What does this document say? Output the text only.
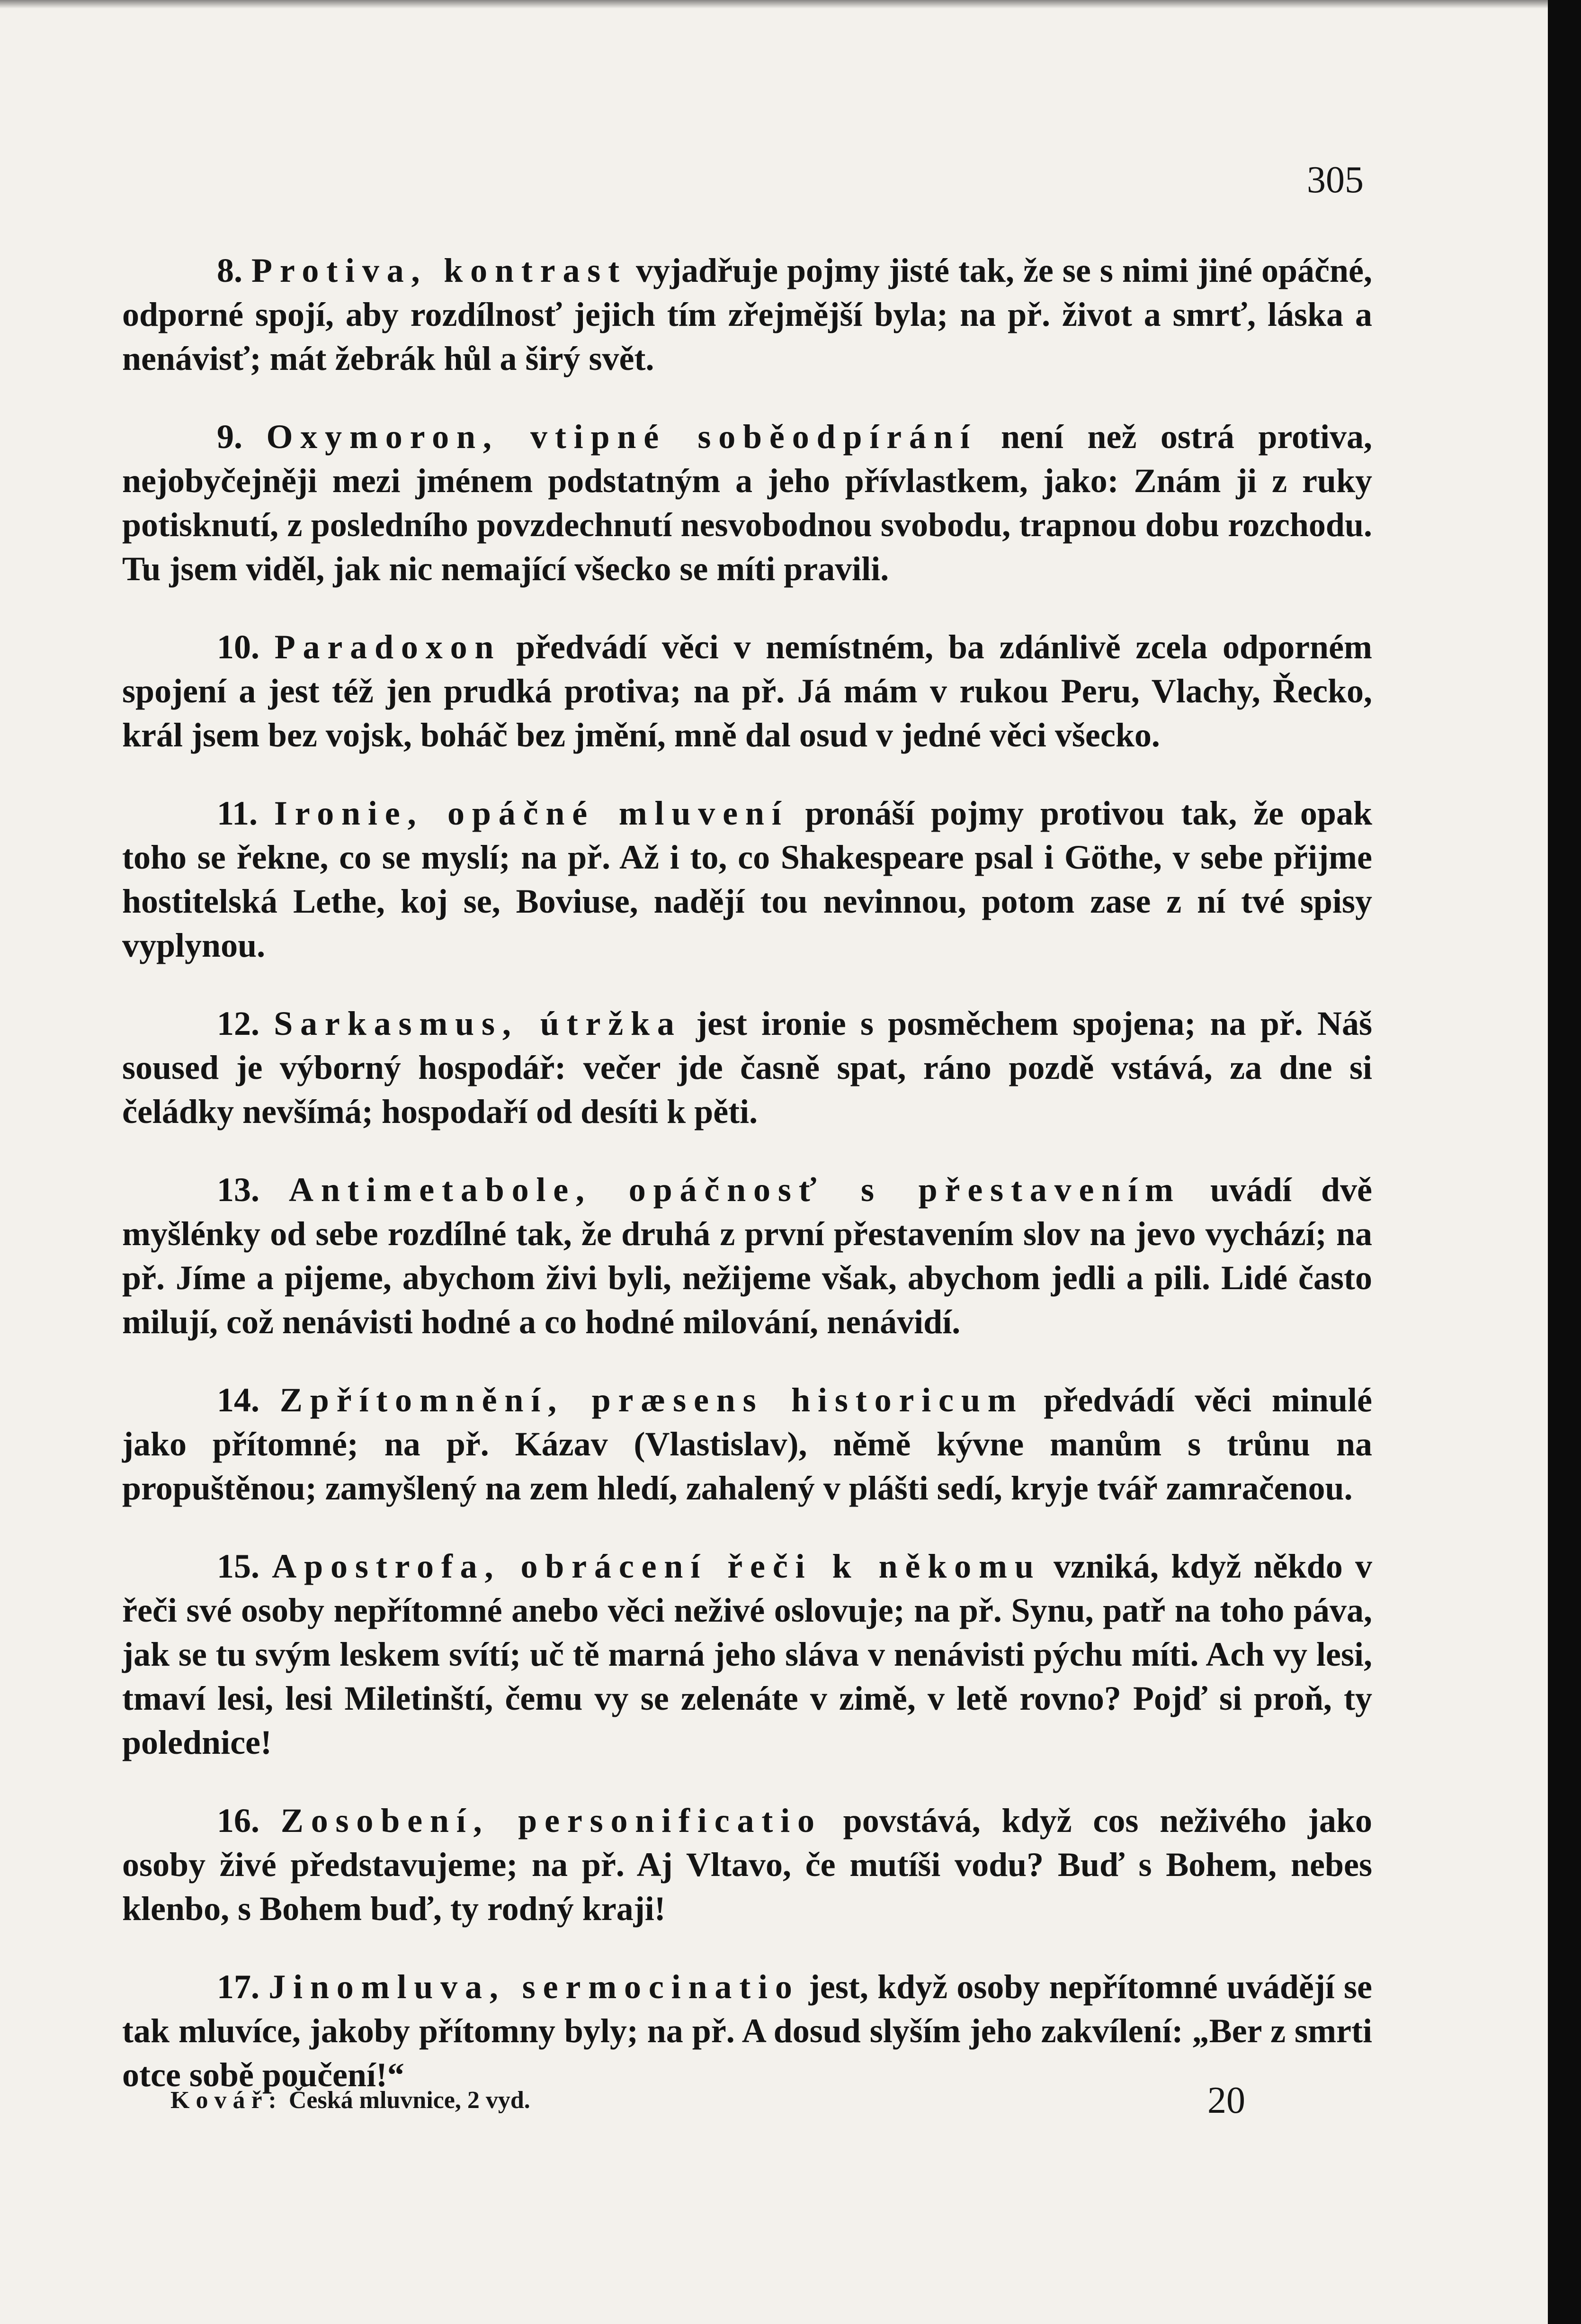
305

8. Protiva, kontrast vyjadřuje pojmy jisté tak, že se s nimi jiné opáčné, odporné spojí, aby rozdílnosť jejich tím zřejmější byla; na př. život a smrť, láska a nenávisť; mát žebrák hůl a širý svět.

9. Oxymoron, vtipné soběodpírání není než ostrá protiva, nejobyčejněji mezi jménem podstatným a jeho přívlastkem, jako: Znám ji z ruky potisknutí, z posledního povzdechnutí nesvobodnou svobodu, trapnou dobu rozchodu. Tu jsem viděl, jak nic nemající všecko se míti pravili.

10. Paradoxon předvádí věci v nemístném, ba zdánlivě zcela odporném spojení a jest též jen prudká protiva; na př. Já mám v rukou Peru, Vlachy, Řecko, král jsem bez vojsk, boháč bez jmění, mně dal osud v jedné věci všecko.

11. Ironie, opáčné mluvení pronáší pojmy protivou tak, že opak toho se řekne, co se myslí; na př. Až i to, co Shakespeare psal i Göthe, v sebe přijme hostitelská Lethe, koj se, Boviuse, nadějí tou nevinnou, potom zase z ní tvé spisy vyplynou.

12. Sarkasmus, útržka jest ironie s posměchem spojena; na př. Náš soused je výborný hospodář: večer jde časně spat, ráno pozdě vstává, za dne si čeládky nevšímá; hospodaří od desíti k pěti.

13. Antimetabole, opáčnosť s přestavením uvádí dvě myšlénky od sebe rozdílné tak, že druhá z první přestavením slov na jevo vychází; na př. Jíme a pijeme, abychom živi byli, nežijeme však, abychom jedli a pili. Lidé často milují, což nenávisti hodné a co hodné milování, nenávidí.

14. Zpřítomnění, præsens historicum předvádí věci minulé jako přítomné; na př. Kázav (Vlastislav), němě kývne manům s trůnu na propuštěnou; zamyšlený na zem hledí, zahalený v plášti sedí, kryje tvář zamračenou.

15. Apostrofa, obrácení řeči k někomu vzniká, když někdo v řeči své osoby nepřítomné anebo věci neživé oslovuje; na př. Synu, patř na toho páva, jak se tu svým leskem svítí; uč tě marná jeho sláva v nenávisti pýchu míti. Ach vy lesi, tmaví lesi, lesi Miletinští, čemu vy se zelenáte v zimě, v letě rovno? Pojď si proň, ty polednice!

16. Zosobení, personificatio povstává, když cos neživého jako osoby živé představujeme; na př. Aj Vltavo, če mutíši vodu? Buď s Bohem, nebes klenbo, s Bohem buď, ty rodný kraji!

17. Jinomluva, sermocinatio jest, když osoby nepřítomné uvádějí se tak mluvíce, jakoby přítomny byly; na př. A dosud slyším jeho zakvílení: „Ber z smrti otce sobě poučení!“

Kovář: Česká mluvnice, 2 vyd.	20
